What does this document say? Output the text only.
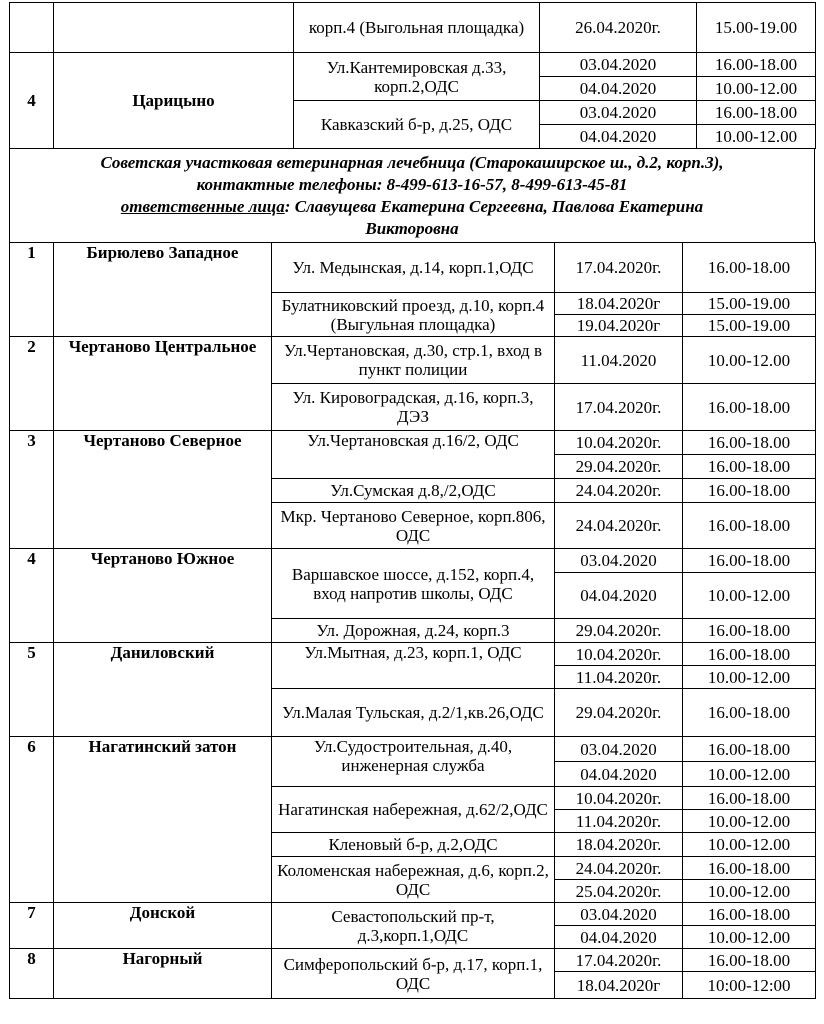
		корп.4 (Выгольная площадка)	26.04.2020г.	15.00-19.00
4	Царицыно	Ул.Кантемировская д.33, корп.2,ОДС	03.04.2020	16.00-18.00
			04.04.2020	10.00-12.00
		Кавказский б-р, д.25, ОДС	03.04.2020	16.00-18.00
			04.04.2020	10.00-12.00
Советская участковая ветеринарная лечебница (Старокаширское ш., д.2, корп.3),
контактные телефоны: 8-499-613-16-57, 8-499-613-45-81
ответственные лица: Славущева Екатерина Сергеевна, Павлова Екатерина
Викторовна
1	Бирюлево Западное	Ул. Медынская, д.14, корп.1,ОДС	17.04.2020г.	16.00-18.00
		Булатниковский проезд, д.10, корп.4 (Выгульная площадка)	18.04.2020г	15.00-19.00
			19.04.2020г	15.00-19.00
2	Чертаново Центральное	Ул.Чертановская, д.30, стр.1, вход в пункт полиции	11.04.2020	10.00-12.00
		Ул. Кировоградская, д.16, корп.3, ДЭЗ	17.04.2020г.	16.00-18.00
3	Чертаново Северное	Ул.Чертановская д.16/2, ОДС	10.04.2020г.	16.00-18.00
			29.04.2020г.	16.00-18.00
		Ул.Сумская д.8,/2,ОДС	24.04.2020г.	16.00-18.00
		Мкр. Чертаново Северное, корп.806, ОДС	24.04.2020г.	16.00-18.00
4	Чертаново Южное	Варшавское шоссе, д.152, корп.4, вход напротив школы, ОДС	03.04.2020	16.00-18.00
			04.04.2020	10.00-12.00
		Ул. Дорожная, д.24, корп.3	29.04.2020г.	16.00-18.00
5	Даниловский	Ул.Мытная, д.23, корп.1, ОДС	10.04.2020г.	16.00-18.00
			11.04.2020г.	10.00-12.00
		Ул.Малая Тульская, д.2/1,кв.26,ОДС	29.04.2020г.	16.00-18.00
6	Нагатинский затон	Ул.Судостроительная, д.40, инженерная служба	03.04.2020	16.00-18.00
			04.04.2020	10.00-12.00
		Нагатинская набережная, д.62/2,ОДС	10.04.2020г.	16.00-18.00
			11.04.2020г.	10.00-12.00
		Кленовый б-р, д.2,ОДС	18.04.2020г.	10.00-12.00
		Коломенская набережная, д.6, корп.2, ОДС	24.04.2020г.	16.00-18.00
			25.04.2020г.	10.00-12.00
7	Донской	Севастопольский пр-т, д.3,корп.1,ОДС	03.04.2020	16.00-18.00
			04.04.2020	10.00-12.00
8	Нагорный	Симферопольский б-р, д.17, корп.1, ОДС	17.04.2020г.	16.00-18.00
			18.04.2020г	10:00-12:00
